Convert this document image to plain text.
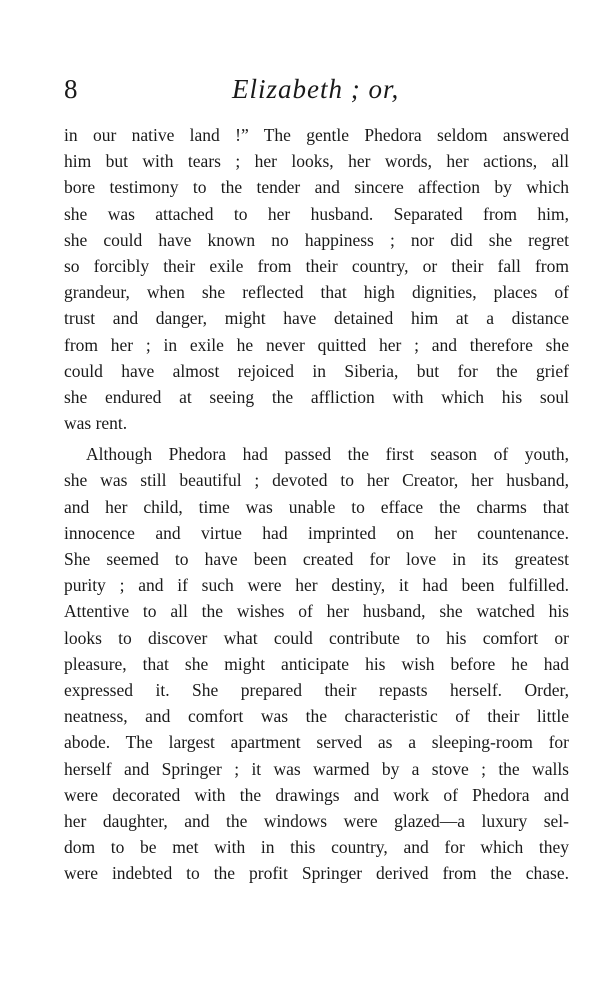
8	Elizabeth ; or,
in our native land !” The gentle Phedora seldom answered
him but with tears ; her looks, her words, her actions, all
bore testimony to the tender and sincere affection by which
she was attached to her husband. Separated from him,
she could have known no happiness ; nor did she regret
so forcibly their exile from their country, or their fall from
grandeur, when she reflected that high dignities, places of
trust and danger, might have detained him at a distance
from her ; in exile he never quitted her ; and therefore she
could have almost rejoiced in Siberia, but for the grief
she endured at seeing the affliction with which his soul
was rent.
Although Phedora had passed the first season of youth,
she was still beautiful ; devoted to her Creator, her husband,
and her child, time was unable to efface the charms that
innocence and virtue had imprinted on her countenance.
She seemed to have been created for love in its greatest
purity ; and if such were her destiny, it had been fulfilled.
Attentive to all the wishes of her husband, she watched his
looks to discover what could contribute to his comfort or
pleasure, that she might anticipate his wish before he had
expressed it. She prepared their repasts herself. Order,
neatness, and comfort was the characteristic of their little
abode. The largest apartment served as a sleeping-room for
herself and Springer ; it was warmed by a stove ; the walls
were decorated with the drawings and work of Phedora and
her daughter, and the windows were glazed—a luxury sel-
dom to be met with in this country, and for which they
were indebted to the profit Springer derived from the chase.
